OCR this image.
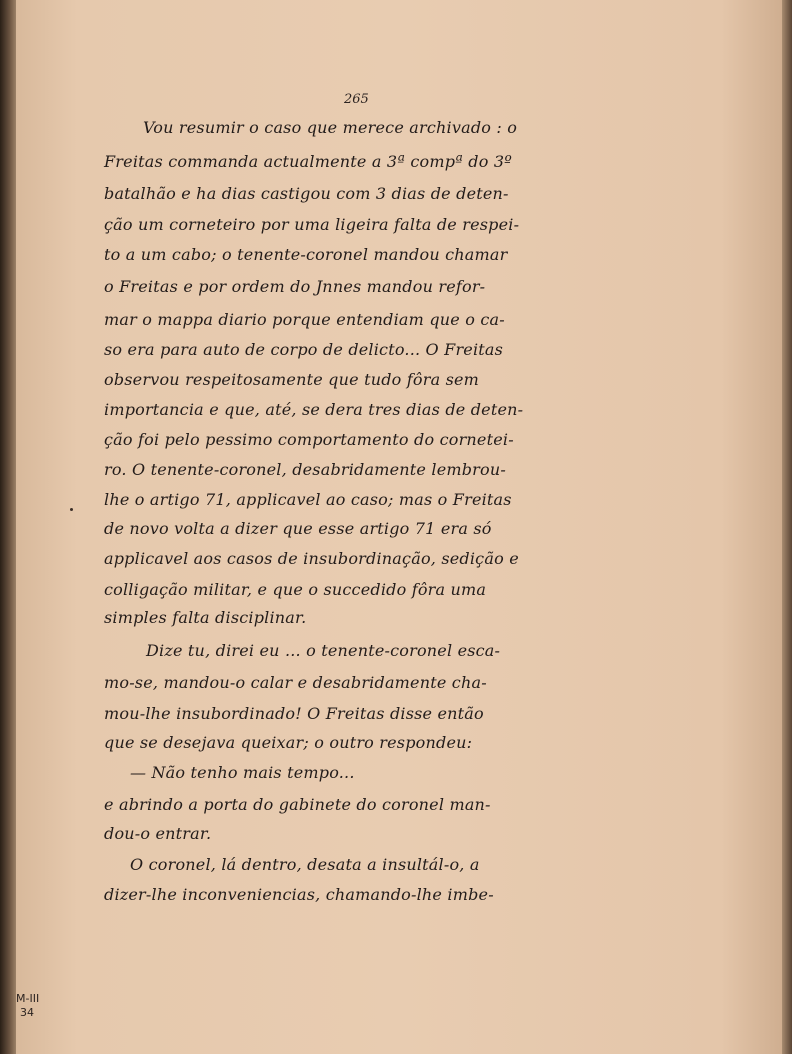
265
Vou resumir o caso que merece archivado : o
Freitas commanda actualmente a 3ª compª do 3º
batalhão e ha dias castigou com 3 dias de deten-
ção um corneteiro por uma ligeira falta de respei-
to a um cabo; o tenente-coronel mandou chamar
o Freitas e por ordem do Jnnes mandou refor-
mar o mappa diario porque entendiam que o ca-
so era para auto de corpo de delicto... O Freitas
observou respeitosamente que tudo fôra sem
importancia e que, até, se dera tres dias de deten-
ção foi pelo pessimo comportamento do cornetei-
ro. O tenente-coronel, desabridamente lembrou-
lhe o artigo 71, applicavel ao caso; mas o Freitas
de novo volta a dizer que esse artigo 71 era só
applicavel aos casos de insubordinação, sedição e
colligação militar, e que o succedido fôra uma
simples falta disciplinar.
Dize tu, direi eu ... o tenente-coronel esca-
mo-se, mandou-o calar e desabridamente cha-
mou-lhe insubordinado! O Freitas disse então
que se desejava queixar; o outro respondeu:
— Não tenho mais tempo...
e abrindo a porta do gabinete do coronel man-
dou-o entrar.
O coronel, lá dentro, desata a insultál-o, a
dizer-lhe inconveniencias, chamando-lhe imbe-
M-III
34
